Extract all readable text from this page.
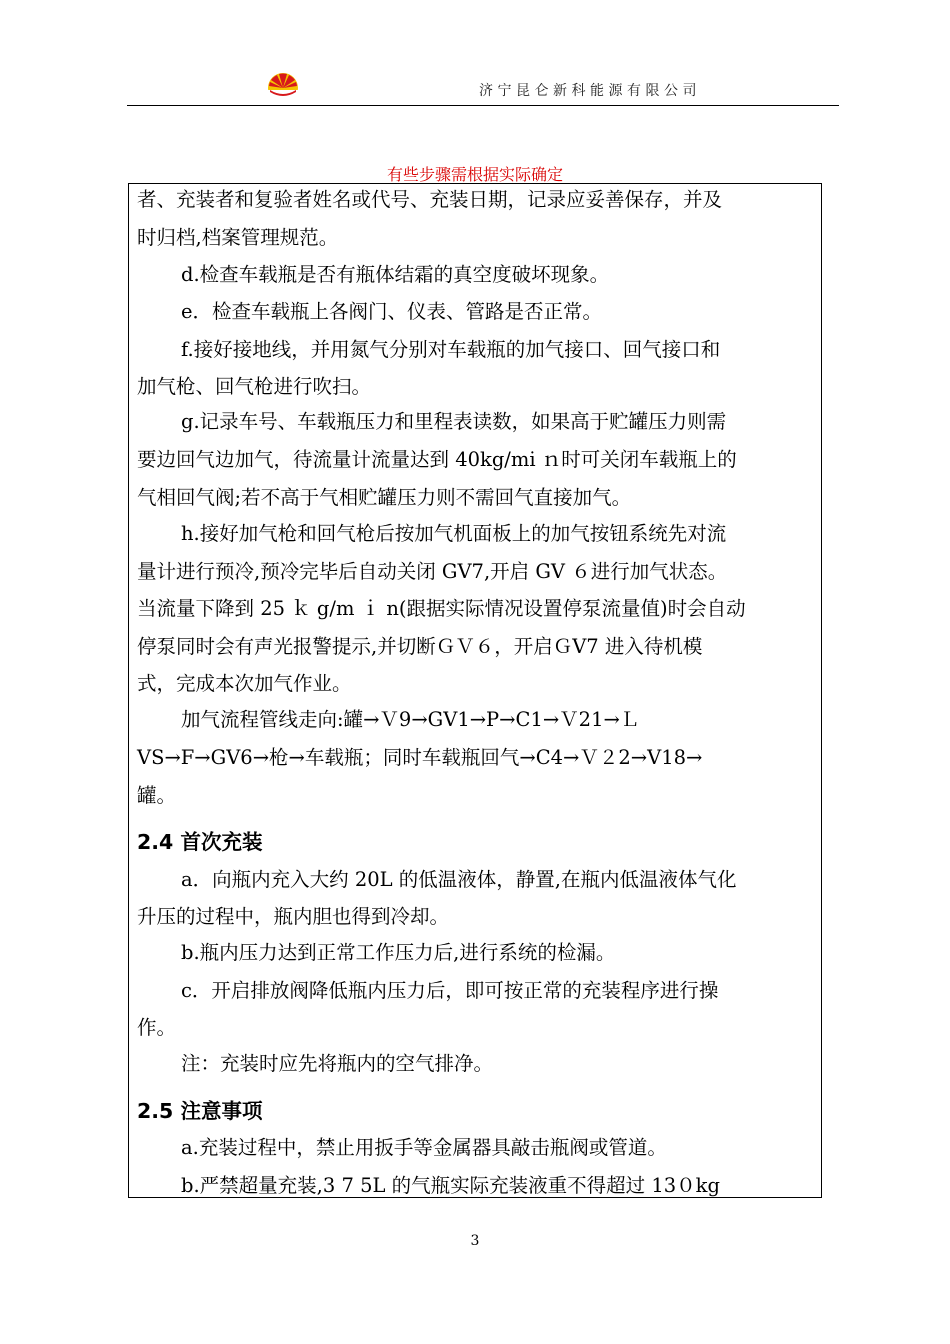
济宁昆仑新科能源有限公司
有些步骤需根据实际确定
者、充装者和复验者姓名或代号、充装日期，记录应妥善保存，并及
时归档,档案管理规范。
d.检查车载瓶是否有瓶体结霜的真空度破坏现象。
e．检查车载瓶上各阀门、仪表、管路是否正常。
f.接好接地线，并用氮气分别对车载瓶的加气接口、回气接口和
加气枪、回气枪进行吹扫。
g.记录车号、车载瓶压力和里程表读数，如果高于贮罐压力则需
要边回气边加气，待流量计流量达到 40kg/mi ｎ时可关闭车载瓶上的
气相回气阀;若不高于气相贮罐压力则不需回气直接加气。
h.接好加气枪和回气枪后按加气机面板上的加气按钮系统先对流
量计进行预冷,预冷完毕后自动关闭 GV7,开启 GV ６进行加气状态。
当流量下降到 25 ｋ g/m ｉ n(跟据实际情况设置停泵流量值)时会自动
停泵同时会有声光报警提示,并切断ＧＶ６，开启ＧV7 进入待机模
式，完成本次加气作业。
加气流程管线走向:罐→Ｖ9→GV1→P→C1→Ｖ21→Ｌ
VS→F→GV6→枪→车载瓶；同时车载瓶回气→C4→Ｖ２2→V18→
罐。
2.4 首次充装
a．向瓶内充入大约 20L 的低温液体，静置,在瓶内低温液体气化
升压的过程中，瓶内胆也得到冷却。
b.瓶内压力达到正常工作压力后,进行系统的检漏。
c．开启排放阀降低瓶内压力后，即可按正常的充装程序进行操
作。
注：充装时应先将瓶内的空气排净。
2.5 注意事项
a.充装过程中，禁止用扳手等金属器具敲击瓶阀或管道。
b.严禁超量充装,3 7 5L 的气瓶实际充装液重不得超过 13０kg
3
